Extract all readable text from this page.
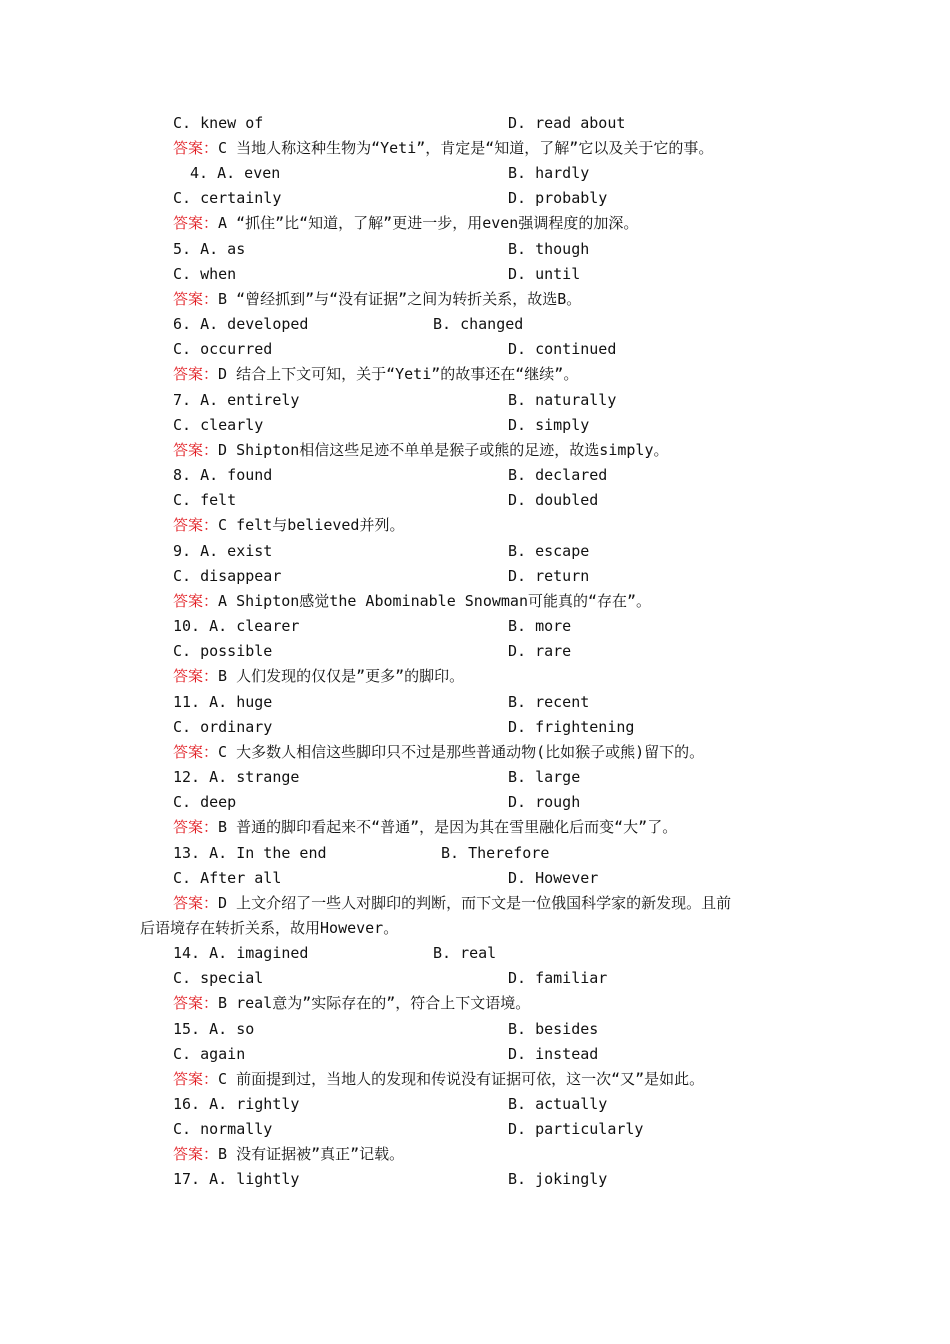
C. knew of	D. read about
答案：C 当地人称这种生物为“Yeti”，肯定是“知道，了解”它以及关于它的事。
4. A. even	B. hardly
C. certainly	D. probably
答案：A “抓住”比“知道，了解”更进一步，用even强调程度的加深。
5. A. as	B. though
C. when	D. until
答案：B “曾经抓到”与“没有证据”之间为转折关系，故选B。
6. A. developed	B. changed
C. occurred	D. continued
答案：D 结合上下文可知，关于“Yeti”的故事还在“继续”。
7. A. entirely	B. naturally
C. clearly	D. simply
答案：D Shipton相信这些足迹不单单是猴子或熊的足迹，故选simply。
8. A. found	B. declared
C. felt	D. doubled
答案：C felt与believed并列。
9. A. exist	B. escape
C. disappear	D. return
答案：A Shipton感觉the Abominable Snowman可能真的“存在”。
10. A. clearer	B. more
C. possible	D. rare
答案：B 人们发现的仅仅是”更多”的脚印。
11. A. huge	B. recent
C. ordinary	D. frightening
答案：C 大多数人相信这些脚印只不过是那些普通动物(比如猴子或熊)留下的。
12. A. strange	B. large
C. deep	D. rough
答案：B 普通的脚印看起来不“普通”，是因为其在雪里融化后而变“大”了。
13. A. In the end	B. Therefore
C. After all	D. However
答案：D 上文介绍了一些人对脚印的判断，而下文是一位俄国科学家的新发现。且前
后语境存在转折关系，故用However。
14. A. imagined	B. real
C. special	D. familiar
答案：B real意为”实际存在的”，符合上下文语境。
15. A. so	B. besides
C. again	D. instead
答案：C 前面提到过，当地人的发现和传说没有证据可依，这一次“又”是如此。
16. A. rightly	B. actually
C. normally	D. particularly
答案：B 没有证据被”真正”记载。
17. A. lightly	B. jokingly
